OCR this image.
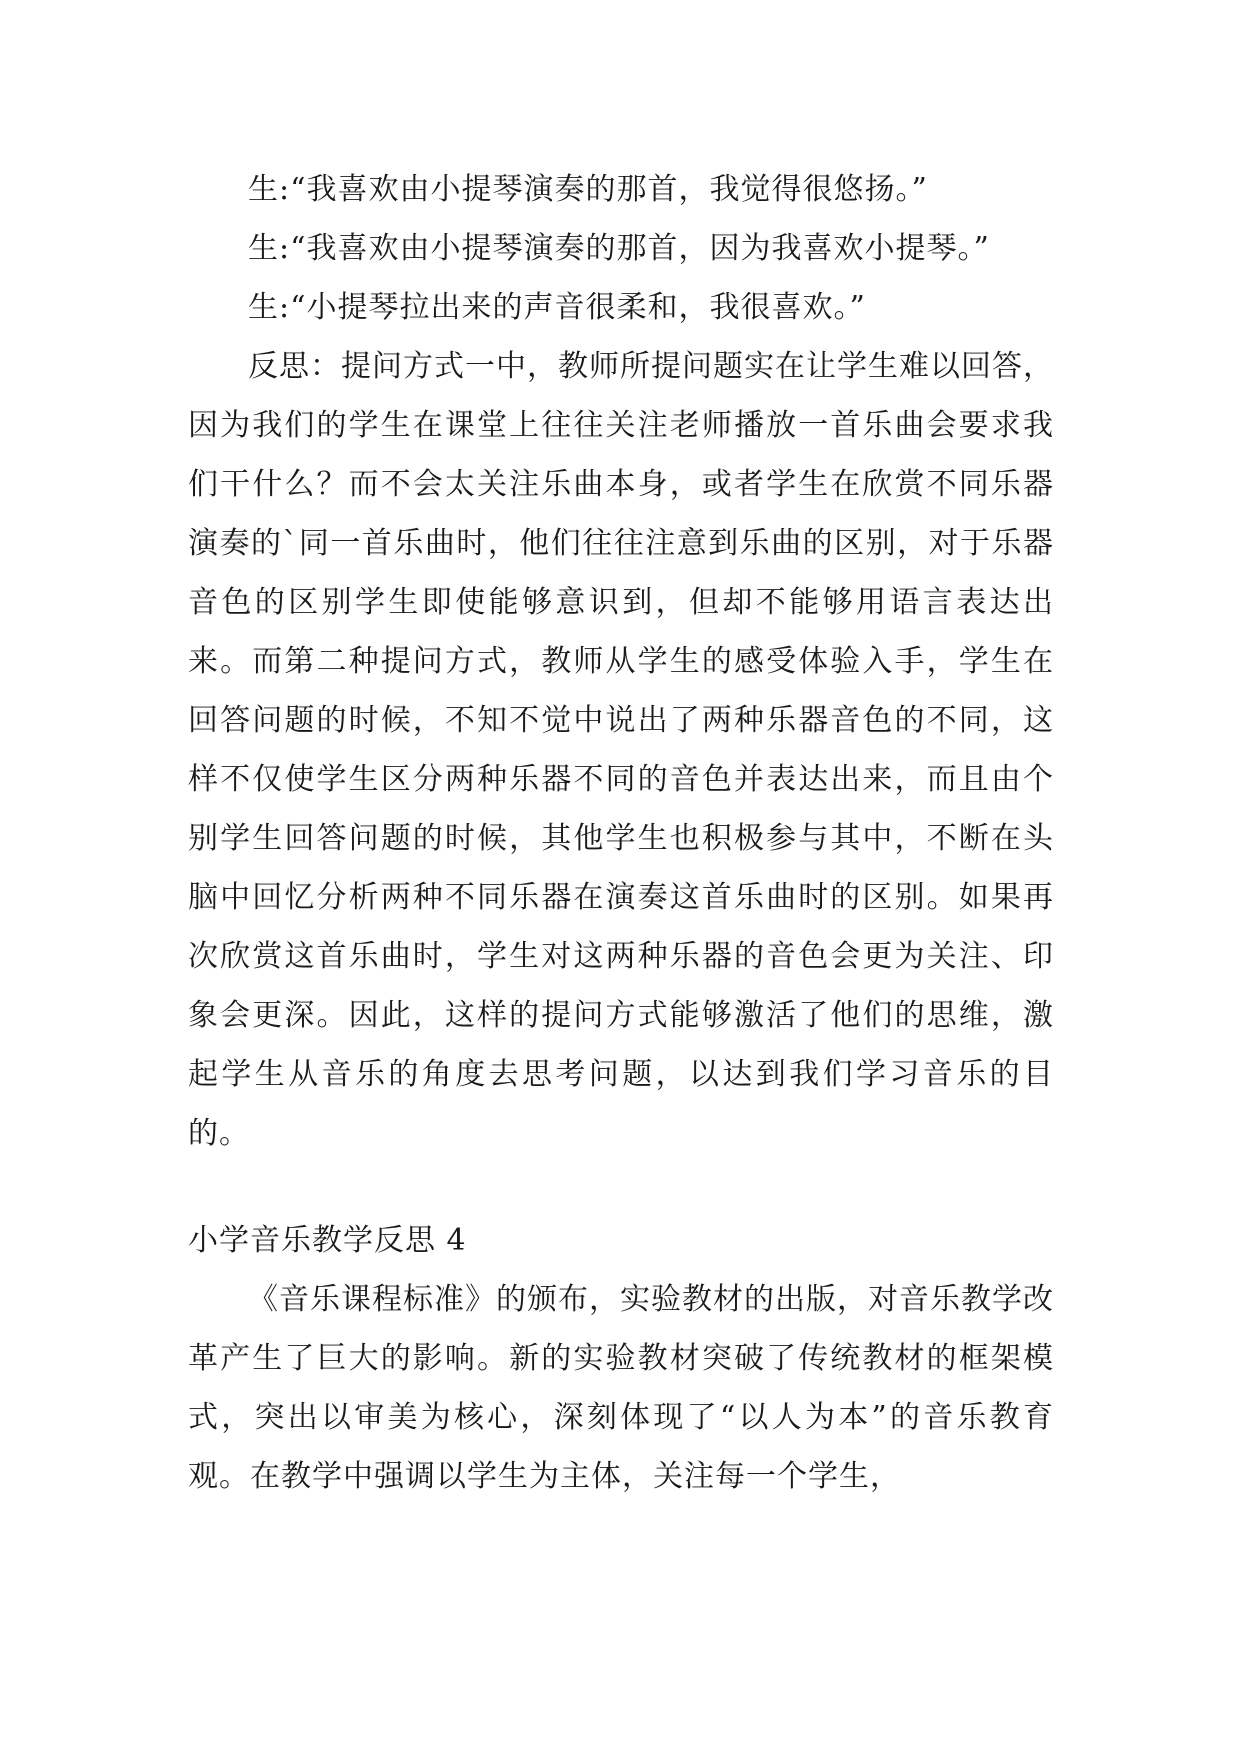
生:“我喜欢由小提琴演奏的那首，我觉得很悠扬。”

生:“我喜欢由小提琴演奏的那首，因为我喜欢小提琴。”

生:“小提琴拉出来的声音很柔和，我很喜欢。”

反思：提问方式一中，教师所提问题实在让学生难以回答，因为我们的学生在课堂上往往关注老师播放一首乐曲会要求我们干什么？而不会太关注乐曲本身，或者学生在欣赏不同乐器演奏的`同一首乐曲时，他们往往注意到乐曲的区别，对于乐器音色的区别学生即使能够意识到，但却不能够用语言表达出来。而第二种提问方式，教师从学生的感受体验入手，学生在回答问题的时候，不知不觉中说出了两种乐器音色的不同，这样不仅使学生区分两种乐器不同的音色并表达出来，而且由个别学生回答问题的时候，其他学生也积极参与其中，不断在头脑中回忆分析两种不同乐器在演奏这首乐曲时的区别。如果再次欣赏这首乐曲时，学生对这两种乐器的音色会更为关注、印象会更深。因此，这样的提问方式能够激活了他们的思维，激起学生从音乐的角度去思考问题，以达到我们学习音乐的目的。

小学音乐教学反思 4

《音乐课程标准》的颁布，实验教材的出版，对音乐教学改革产生了巨大的影响。新的实验教材突破了传统教材的框架模式，突出以审美为核心，深刻体现了“以人为本”的音乐教育观。在教学中强调以学生为主体，关注每一个学生，
